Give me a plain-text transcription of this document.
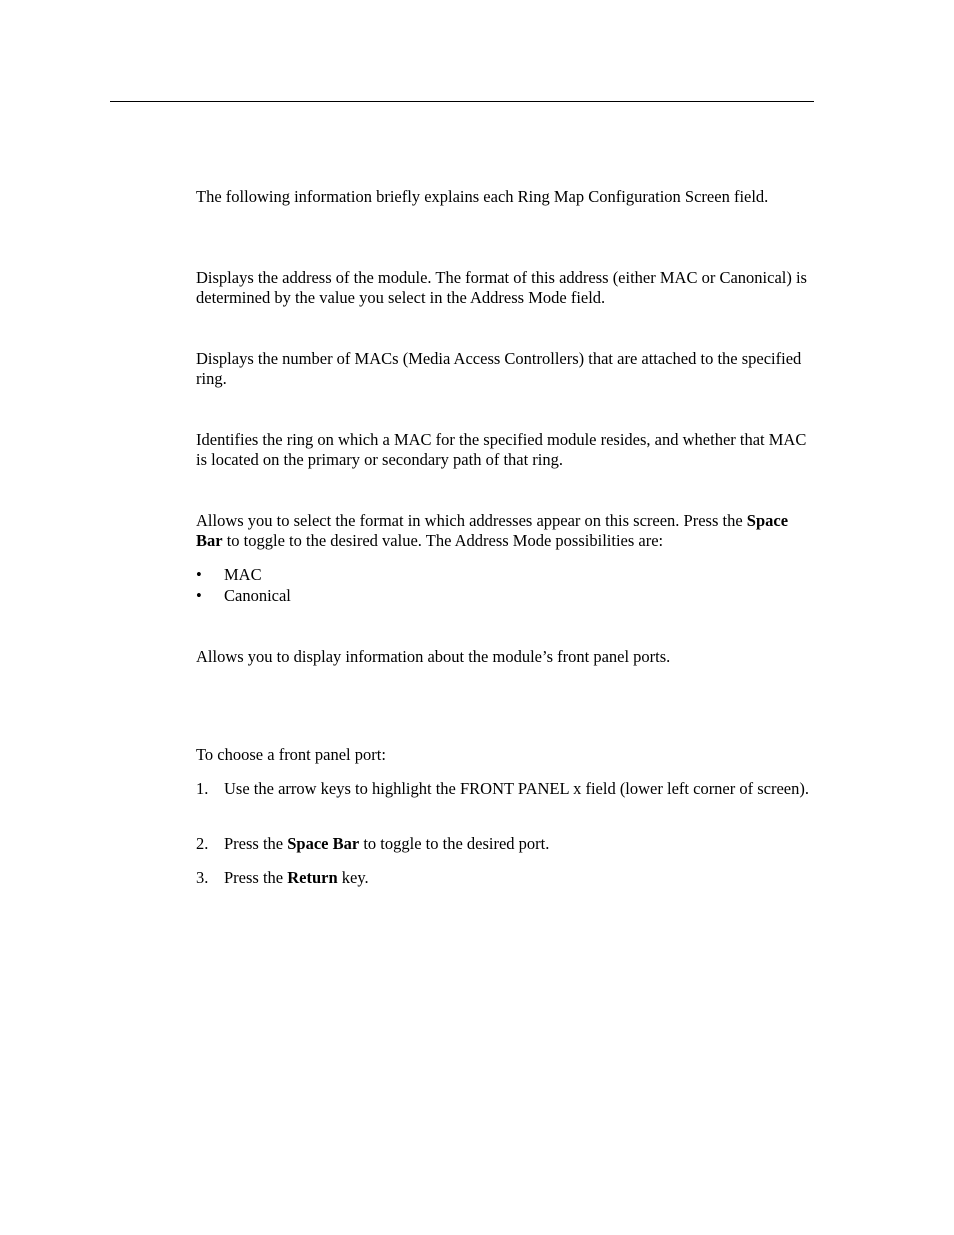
The following information briefly explains each Ring Map Configuration Screen field.

Displays the address of the module. The format of this address (either MAC or Canonical) is determined by the value you select in the Address Mode field.

Displays the number of MACs (Media Access Controllers) that are attached to the specified ring.

Identifies the ring on which a MAC for the specified module resides, and whether that MAC is located on the primary or secondary path of that ring.

Allows you to select the format in which addresses appear on this screen. Press the Space Bar to toggle to the desired value. The Address Mode possibilities are:

•	MAC
•	Canonical

Allows you to display information about the module’s front panel ports.

To choose a front panel port:

1. Use the arrow keys to highlight the FRONT PANEL x field (lower left corner of screen).
2. Press the Space Bar to toggle to the desired port.
3. Press the Return key.
